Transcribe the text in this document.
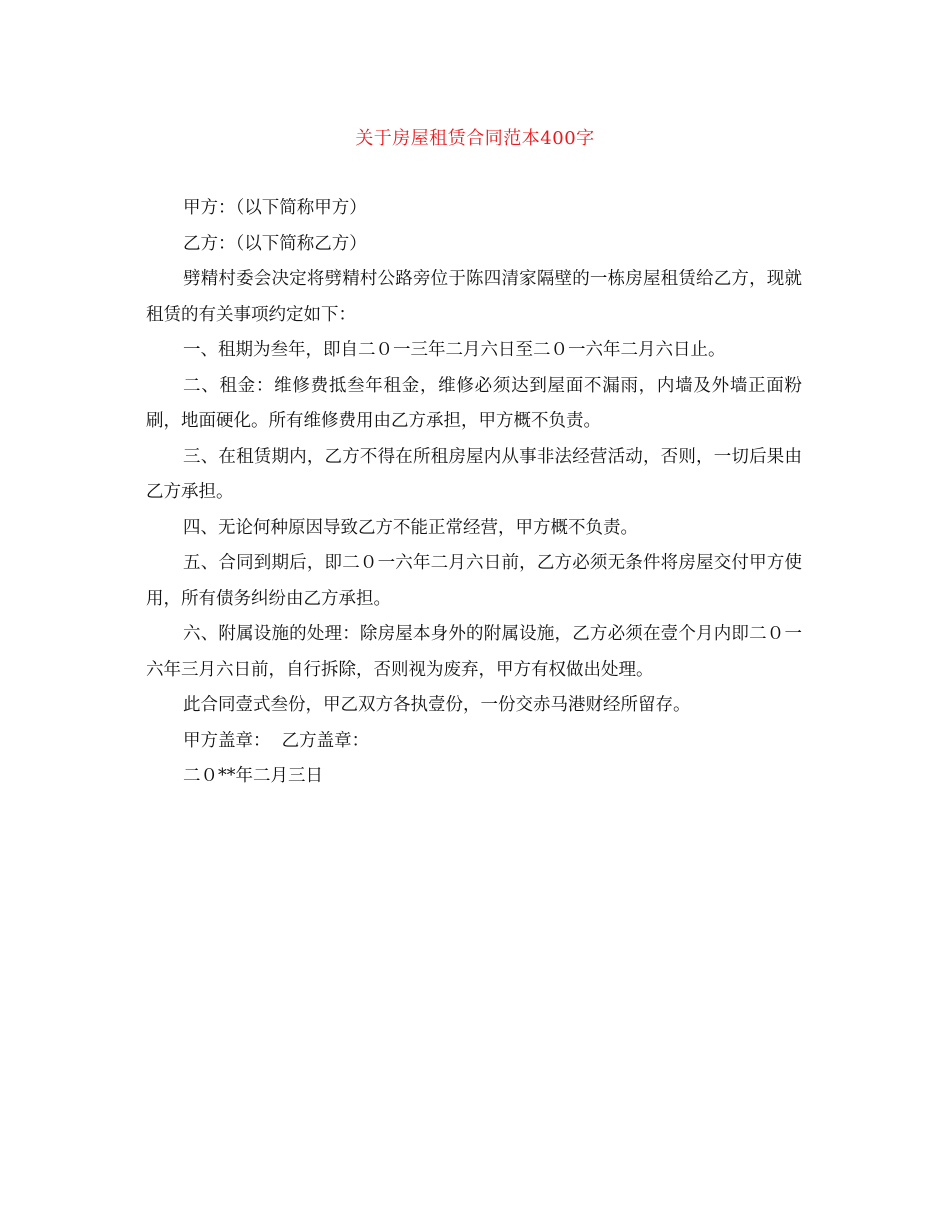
关于房屋租赁合同范本400字

甲方：（以下简称甲方）

乙方：（以下简称乙方）

劈精村委会决定将劈精村公路旁位于陈四清家隔壁的一栋房屋租赁给乙方，现就租赁的有关事项约定如下：

一、租期为叁年，即自二０一三年二月六日至二０一六年二月六日止。

二、租金：维修费抵叁年租金，维修必须达到屋面不漏雨，内墙及外墙正面粉刷，地面硬化。所有维修费用由乙方承担，甲方概不负责。

三、在租赁期内，乙方不得在所租房屋内从事非法经营活动，否则，一切后果由乙方承担。

四、无论何种原因导致乙方不能正常经营，甲方概不负责。

五、合同到期后，即二０一六年二月六日前，乙方必须无条件将房屋交付甲方使用，所有债务纠纷由乙方承担。

六、附属设施的处理：除房屋本身外的附属设施，乙方必须在壹个月内即二０一六年三月六日前，自行拆除，否则视为废弃，甲方有权做出处理。

此合同壹式叁份，甲乙双方各执壹份，一份交赤马港财经所留存。

甲方盖章：  乙方盖章：

二０**年二月三日
